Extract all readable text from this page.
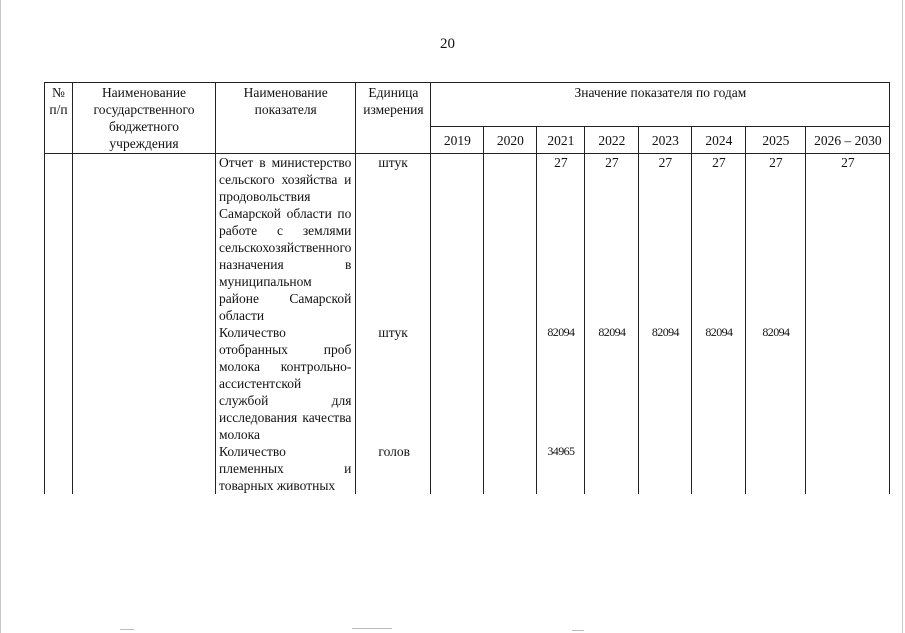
20
№ п/п	Наименование государственного бюджетного учреждения	Наименование показателя	Единица измерения	Значение показателя по годам							
				2019	2020	2021	2022	2023	2024	2025	2026 – 2030
		Отчет в министерство сельского хозяйства и продовольствия Самарской области по работе с землями сельскохозяйственного назначения в муниципальном районе Самарской области	штук			27	27	27	27	27	27
		Количество отобранных проб молока контрольно-ассистентской службой для исследования качества молока	штук			82094	82094	82094	82094	82094	
		Количество племенных и товарных животных	голов			34965					
